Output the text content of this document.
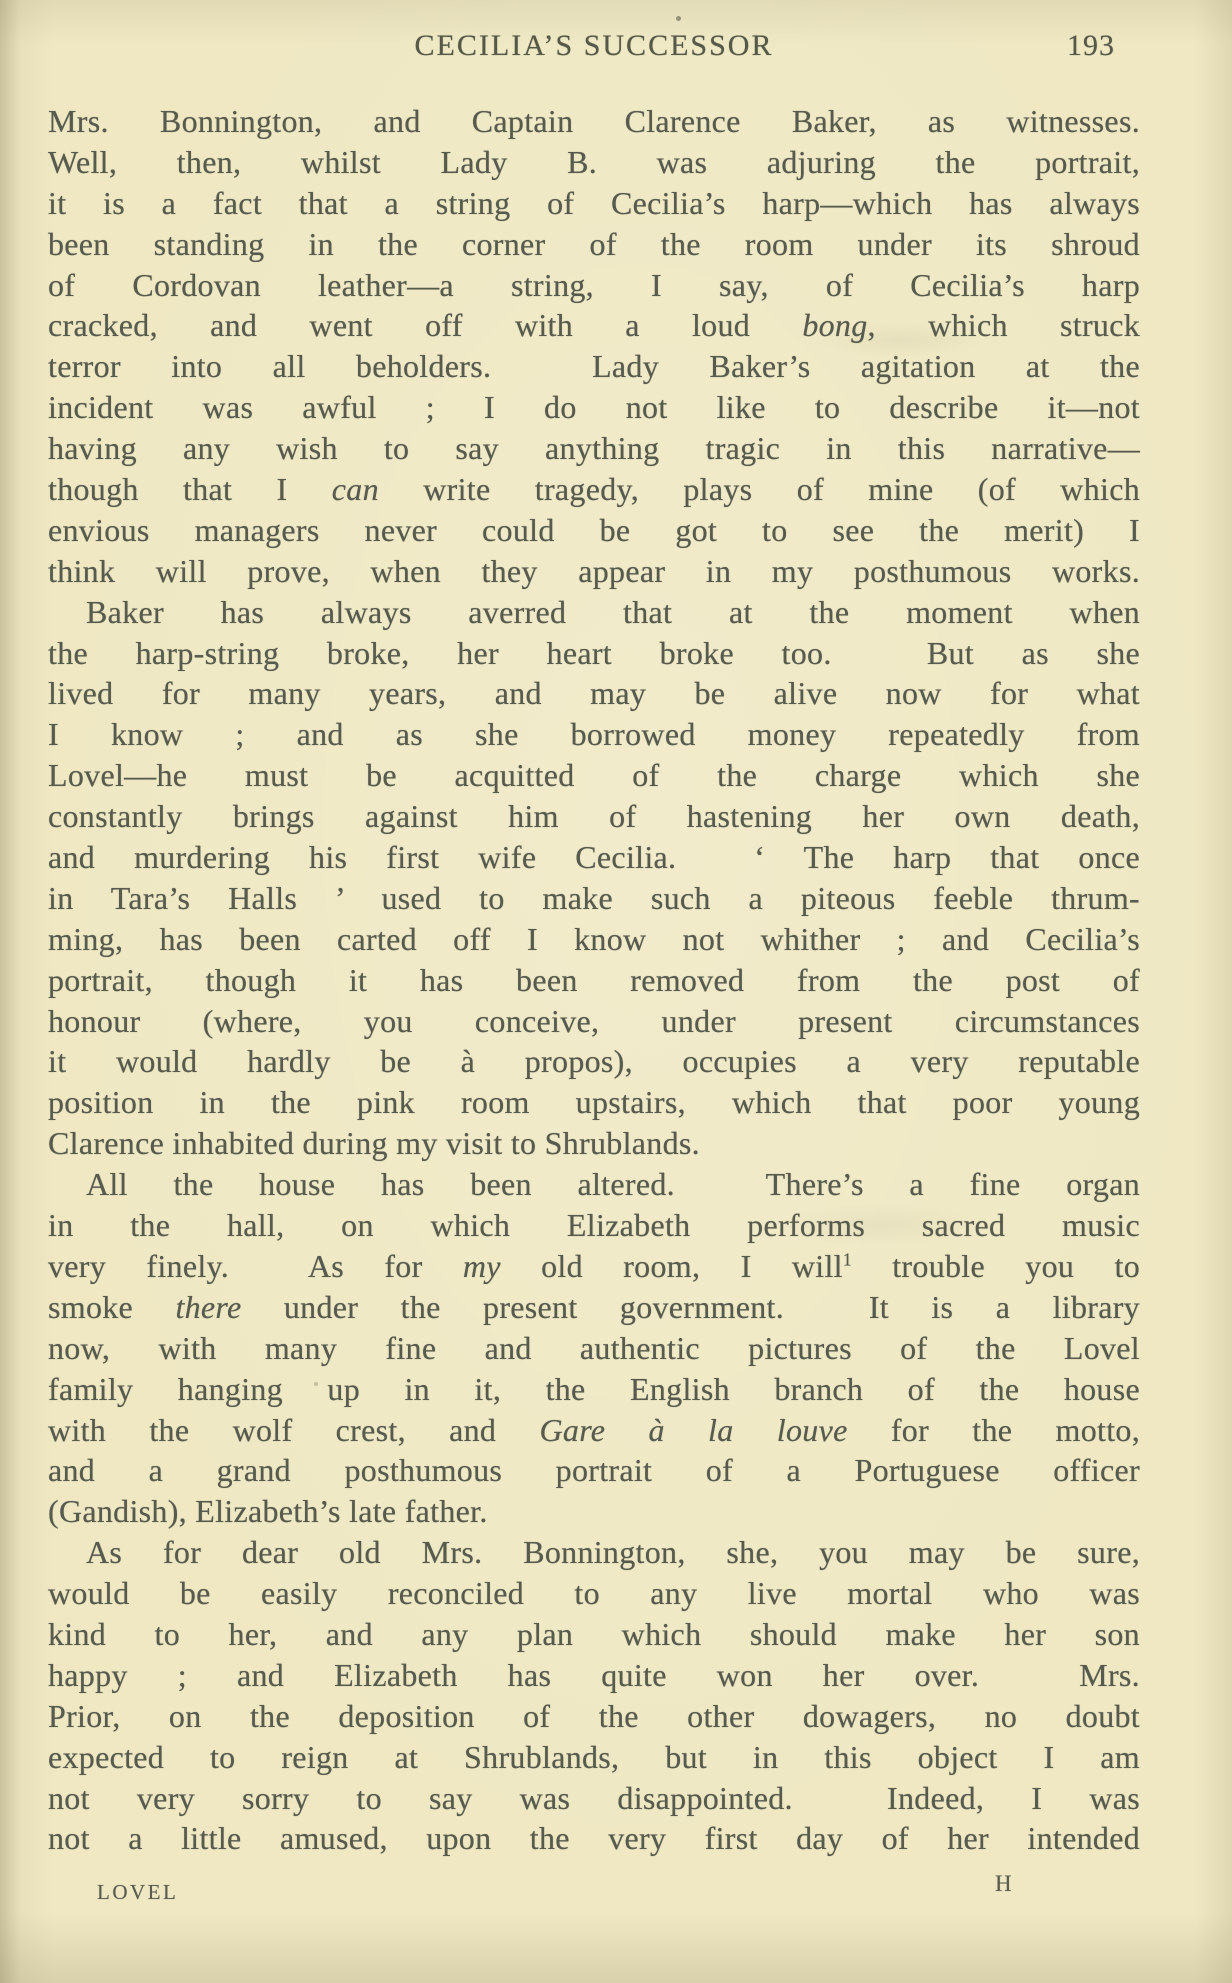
CECILIA’S SUCCESSOR	193
Mrs. Bonnington, and Captain Clarence Baker, as witnesses.
Well, then, whilst Lady B. was adjuring the portrait,
it is a fact that a string of Cecilia’s harp—which has always
been standing in the corner of the room under its shroud
of Cordovan leather—a string, I say, of Cecilia’s harp
cracked, and went off with a loud bong, which struck
terror into all beholders.  Lady Baker’s agitation at the
incident was awful ; I do not like to describe it—not
having any wish to say anything tragic in this narrative—
though that I can write tragedy, plays of mine (of which
envious managers never could be got to see the merit) I
think will prove, when they appear in my posthumous works.
Baker has always averred that at the moment when
the harp-string broke, her heart broke too.  But as she
lived for many years, and may be alive now for what
I know ; and as she borrowed money repeatedly from
Lovel—he must be acquitted of the charge which she
constantly brings against him of hastening her own death,
and murdering his first wife Cecilia.  ‘ The harp that once
in Tara’s Halls ’ used to make such a piteous feeble thrum-
ming, has been carted off I know not whither ; and Cecilia’s
portrait, though it has been removed from the post of
honour (where, you conceive, under present circumstances
it would hardly be à propos), occupies a very reputable
position in the pink room upstairs, which that poor young
Clarence inhabited during my visit to Shrublands.
All the house has been altered.  There’s a fine organ
in the hall, on which Elizabeth performs sacred music
very finely.  As for my old room, I will$^1$ trouble you to
smoke there under the present government.  It is a library
now, with many fine and authentic pictures of the Lovel
family hanging up in it, the English branch of the house
with the wolf crest, and Gare à la louve for the motto,
and a grand posthumous portrait of a Portuguese officer
(Gandish), Elizabeth’s late father.
As for dear old Mrs. Bonnington, she, you may be sure,
would be easily reconciled to any live mortal who was
kind to her, and any plan which should make her son
happy ; and Elizabeth has quite won her over.  Mrs.
Prior, on the deposition of the other dowagers, no doubt
expected to reign at Shrublands, but in this object I am
not very sorry to say was disappointed.  Indeed, I was
not a little amused, upon the very first day of her intended
LOVEL	H
